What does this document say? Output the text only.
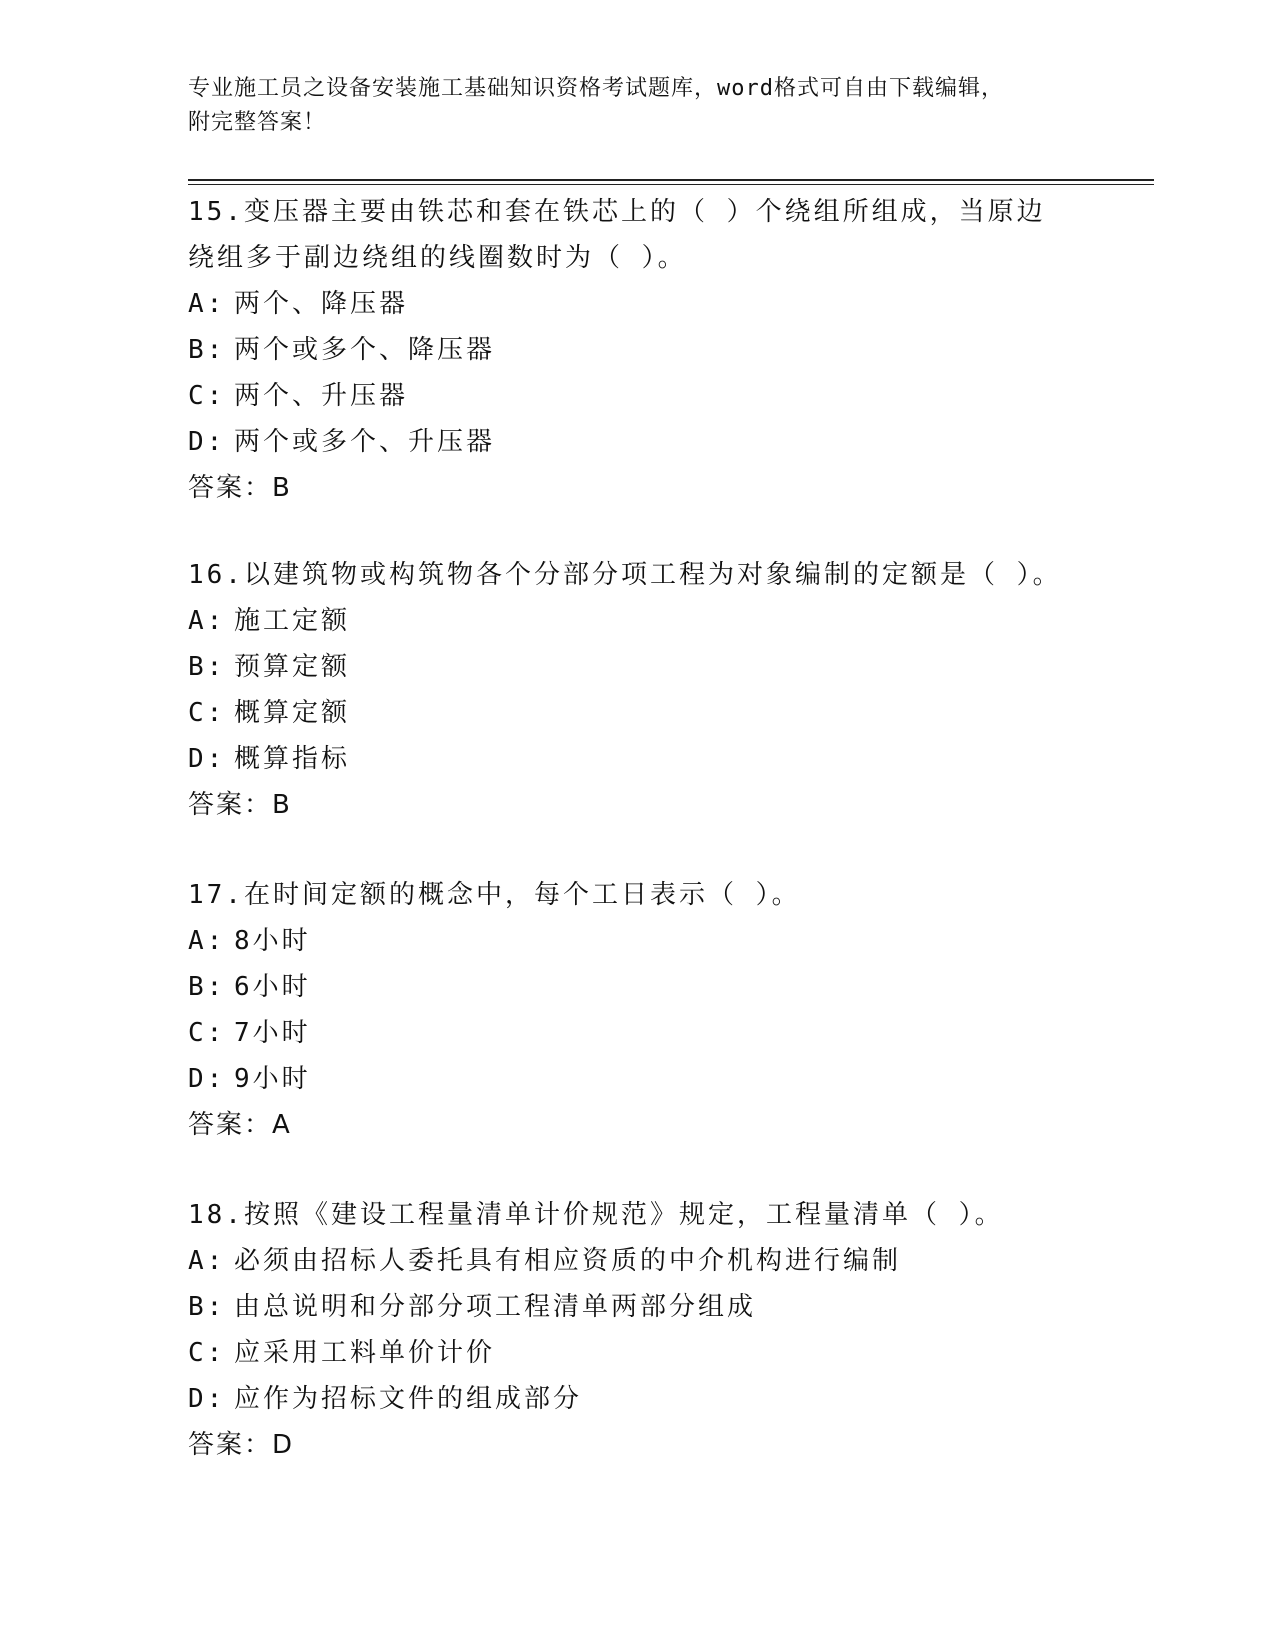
专业施工员之设备安装施工基础知识资格考试题库，word格式可自由下载编辑，
附完整答案！

15.变压器主要由铁芯和套在铁芯上的（ ）个绕组所组成，当原边绕组多于副边绕组的线圈数时为（ ）。

A: 两个、降压器

B: 两个或多个、降压器

C: 两个、升压器

D: 两个或多个、升压器

答案：B

16.以建筑物或构筑物各个分部分项工程为对象编制的定额是（ ）。

A: 施工定额

B: 预算定额

C: 概算定额

D: 概算指标

答案：B

17.在时间定额的概念中，每个工日表示（ ）。

A: 8小时

B: 6小时

C: 7小时

D: 9小时

答案：A

18.按照《建设工程量清单计价规范》规定，工程量清单（ ）。

A: 必须由招标人委托具有相应资质的中介机构进行编制

B: 由总说明和分部分项工程清单两部分组成

C: 应采用工料单价计价

D: 应作为招标文件的组成部分

答案：D
